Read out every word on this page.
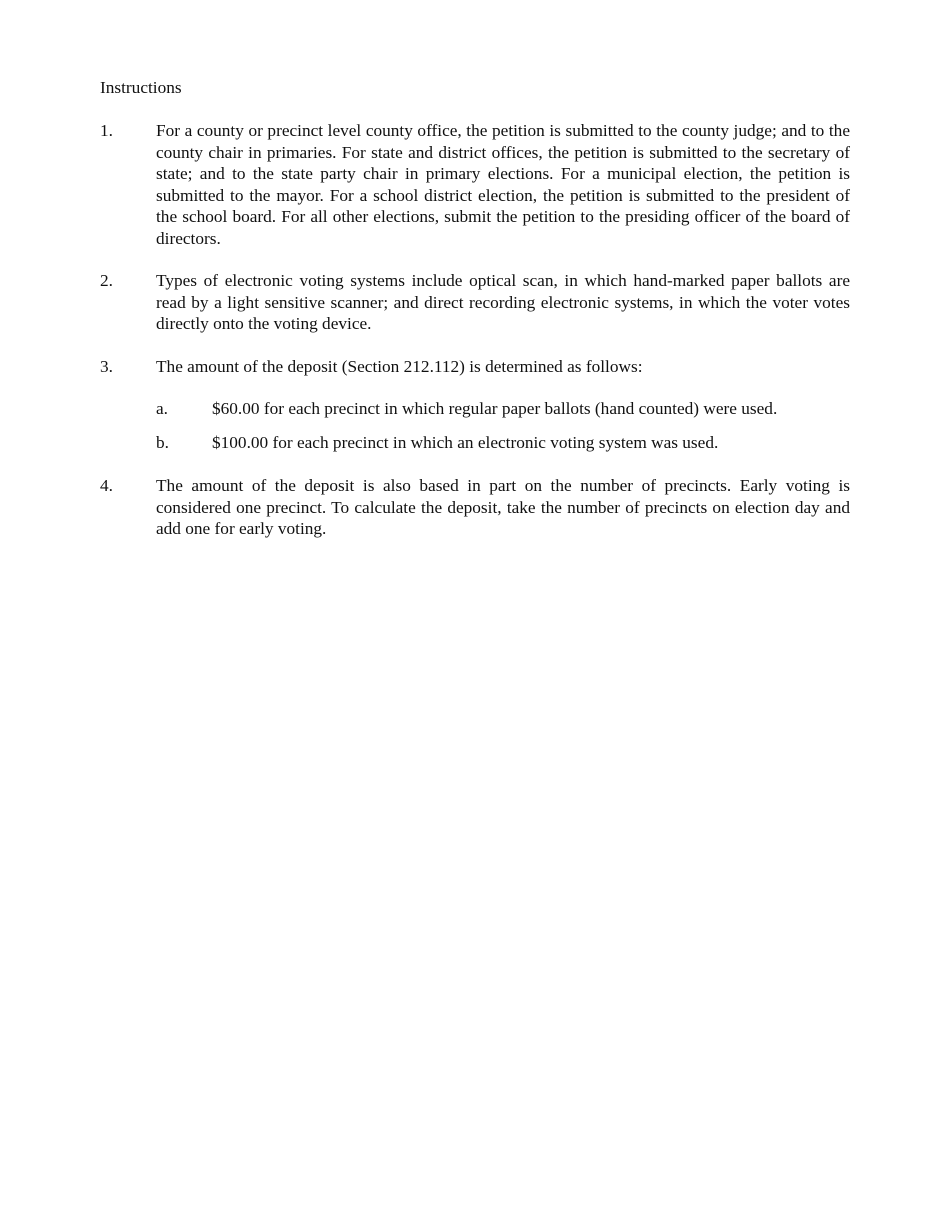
Instructions
1.	For a county or precinct level county office, the petition is submitted to the county judge; and to the county chair in primaries. For state and district offices, the petition is submitted to the secretary of state; and to the state party chair in primary elections. For a municipal election, the petition is submitted to the mayor. For a school district election, the petition is submitted to the president of the school board. For all other elections, submit the petition to the presiding officer of the board of directors.
2.	Types of electronic voting systems include optical scan, in which hand-marked paper ballots are read by a light sensitive scanner; and direct recording electronic systems, in which the voter votes directly onto the voting device.
3.	The amount of the deposit (Section 212.112) is determined as follows:
a.	$60.00 for each precinct in which regular paper ballots (hand counted) were used.
b.	$100.00 for each precinct in which an electronic voting system was used.
4.	The amount of the deposit is also based in part on the number of precincts. Early voting is considered one precinct. To calculate the deposit, take the number of precincts on election day and add one for early voting.
